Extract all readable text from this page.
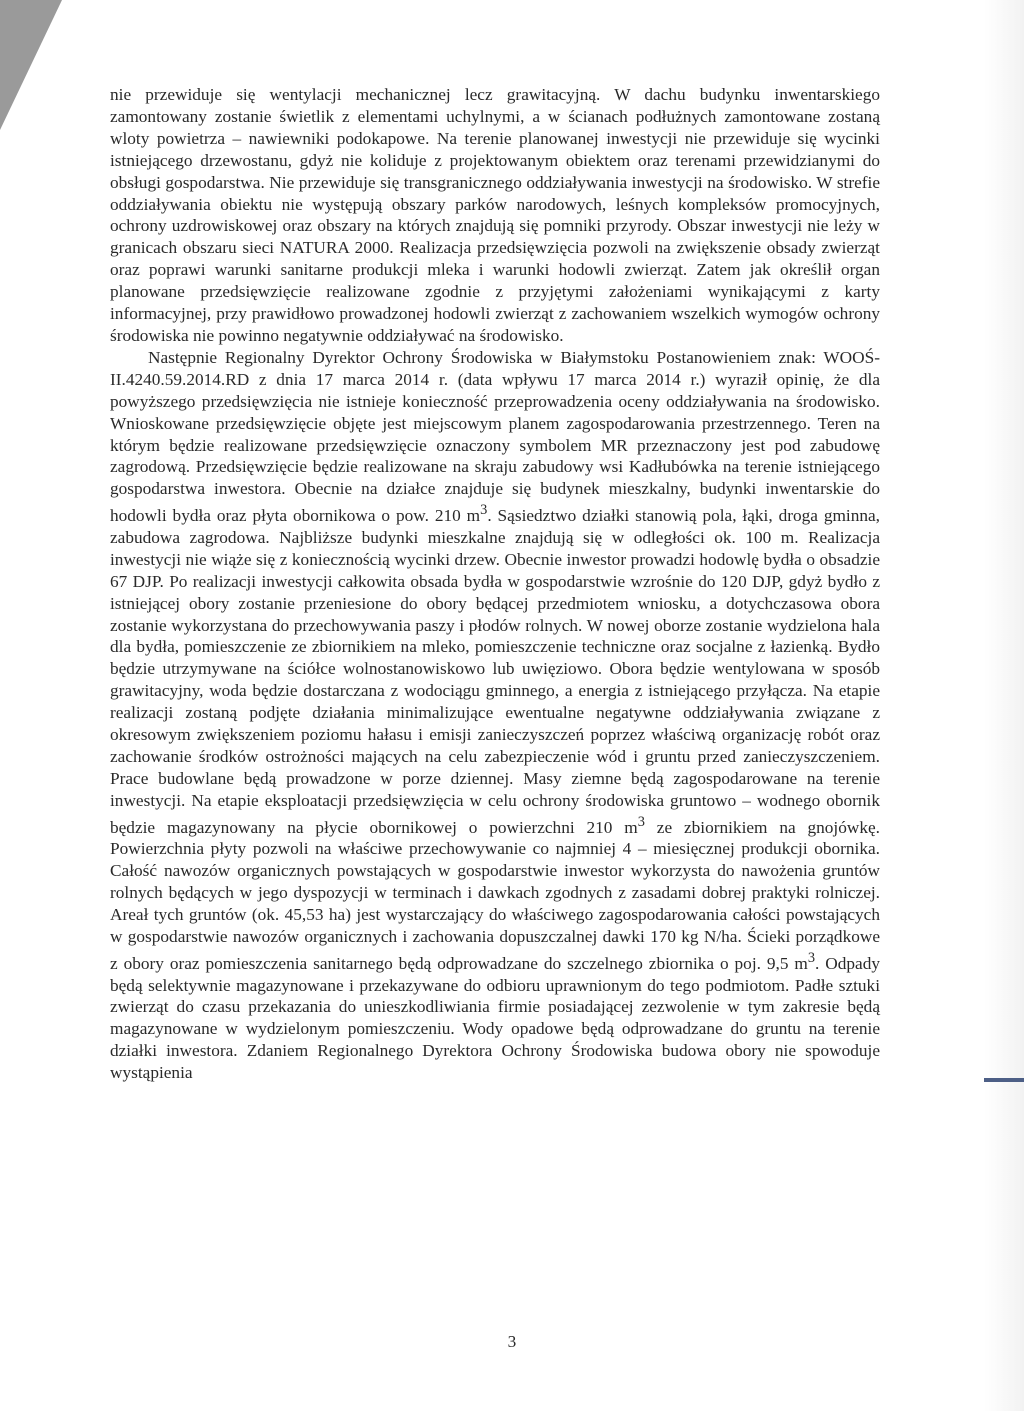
nie przewiduje się wentylacji mechanicznej lecz grawitacyjną. W dachu budynku inwentarskiego zamontowany zostanie świetlik z elementami uchylnymi, a w ścianach podłużnych zamontowane zostaną wloty powietrza – nawiewniki podokapowe. Na terenie planowanej inwestycji nie przewiduje się wycinki istniejącego drzewostanu, gdyż nie koliduje z projektowanym obiektem oraz terenami przewidzianymi do obsługi gospodarstwa. Nie przewiduje się transgranicznego oddziaływania inwestycji na środowisko. W strefie oddziaływania obiektu nie występują obszary parków narodowych, leśnych kompleksów promocyjnych, ochrony uzdrowiskowej oraz obszary na których znajdują się pomniki przyrody. Obszar inwestycji nie leży w granicach obszaru sieci NATURA 2000. Realizacja przedsięwzięcia pozwoli na zwiększenie obsady zwierząt oraz poprawi warunki sanitarne produkcji mleka i warunki hodowli zwierząt. Zatem jak określił organ planowane przedsięwzięcie realizowane zgodnie z przyjętymi założeniami wynikającymi z karty informacyjnej, przy prawidłowo prowadzonej hodowli zwierząt z zachowaniem wszelkich wymogów ochrony środowiska nie powinno negatywnie oddziaływać na środowisko.

Następnie Regionalny Dyrektor Ochrony Środowiska w Białymstoku Postanowieniem znak: WOOŚ-II.4240.59.2014.RD z dnia 17 marca 2014 r. (data wpływu 17 marca 2014 r.) wyraził opinię, że dla powyższego przedsięwzięcia nie istnieje konieczność przeprowadzenia oceny oddziaływania na środowisko. Wnioskowane przedsięwzięcie objęte jest miejscowym planem zagospodarowania przestrzennego. Teren na którym będzie realizowane przedsięwzięcie oznaczony symbolem MR przeznaczony jest pod zabudowę zagrodową. Przedsięwzięcie będzie realizowane na skraju zabudowy wsi Kadłubówka na terenie istniejącego gospodarstwa inwestora. Obecnie na działce znajduje się budynek mieszkalny, budynki inwentarskie do hodowli bydła oraz płyta obornikowa o pow. 210 $m^3$. Sąsiedztwo działki stanowią pola, łąki, droga gminna, zabudowa zagrodowa. Najbliższe budynki mieszkalne znajdują się w odległości ok. 100 m. Realizacja inwestycji nie wiąże się z koniecznością wycinki drzew. Obecnie inwestor prowadzi hodowlę bydła o obsadzie 67 DJP. Po realizacji inwestycji całkowita obsada bydła w gospodarstwie wzrośnie do 120 DJP, gdyż bydło z istniejącej obory zostanie przeniesione do obory będącej przedmiotem wniosku, a dotychczasowa obora zostanie wykorzystana do przechowywania paszy i płodów rolnych. W nowej oborze zostanie wydzielona hala dla bydła, pomieszczenie ze zbiornikiem na mleko, pomieszczenie techniczne oraz socjalne z łazienką. Bydło będzie utrzymywane na ściółce wolnostanowiskowo lub uwięziowo. Obora będzie wentylowana w sposób grawitacyjny, woda będzie dostarczana z wodociągu gminnego, a energia z istniejącego przyłącza. Na etapie realizacji zostaną podjęte działania minimalizujące ewentualne negatywne oddziaływania związane z okresowym zwiększeniem poziomu hałasu i emisji zanieczyszczeń poprzez właściwą organizację robót oraz zachowanie środków ostrożności mających na celu zabezpieczenie wód i gruntu przed zanieczyszczeniem. Prace budowlane będą prowadzone w porze dziennej. Masy ziemne będą zagospodarowane na terenie inwestycji. Na etapie eksploatacji przedsięwzięcia w celu ochrony środowiska gruntowo – wodnego obornik będzie magazynowany na płycie obornikowej o powierzchni 210 $m^3$ ze zbiornikiem na gnojówkę. Powierzchnia płyty pozwoli na właściwe przechowywanie co najmniej 4 – miesięcznej produkcji obornika. Całość nawozów organicznych powstających w gospodarstwie inwestor wykorzysta do nawożenia gruntów rolnych będących w jego dyspozycji w terminach i dawkach zgodnych z zasadami dobrej praktyki rolniczej. Areał tych gruntów (ok. 45,53 ha) jest wystarczający do właściwego zagospodarowania całości powstających w gospodarstwie nawozów organicznych i zachowania dopuszczalnej dawki 170 kg N/ha. Ścieki porządkowe z obory oraz pomieszczenia sanitarnego będą odprowadzane do szczelnego zbiornika o poj. 9,5 $m^3$. Odpady będą selektywnie magazynowane i przekazywane do odbioru uprawnionym do tego podmiotom. Padłe sztuki zwierząt do czasu przekazania do unieszkodliwiania firmie posiadającej zezwolenie w tym zakresie będą magazynowane w wydzielonym pomieszczeniu. Wody opadowe będą odprowadzane do gruntu na terenie działki inwestora. Zdaniem Regionalnego Dyrektora Ochrony Środowiska budowa obory nie spowoduje wystąpienia

3
